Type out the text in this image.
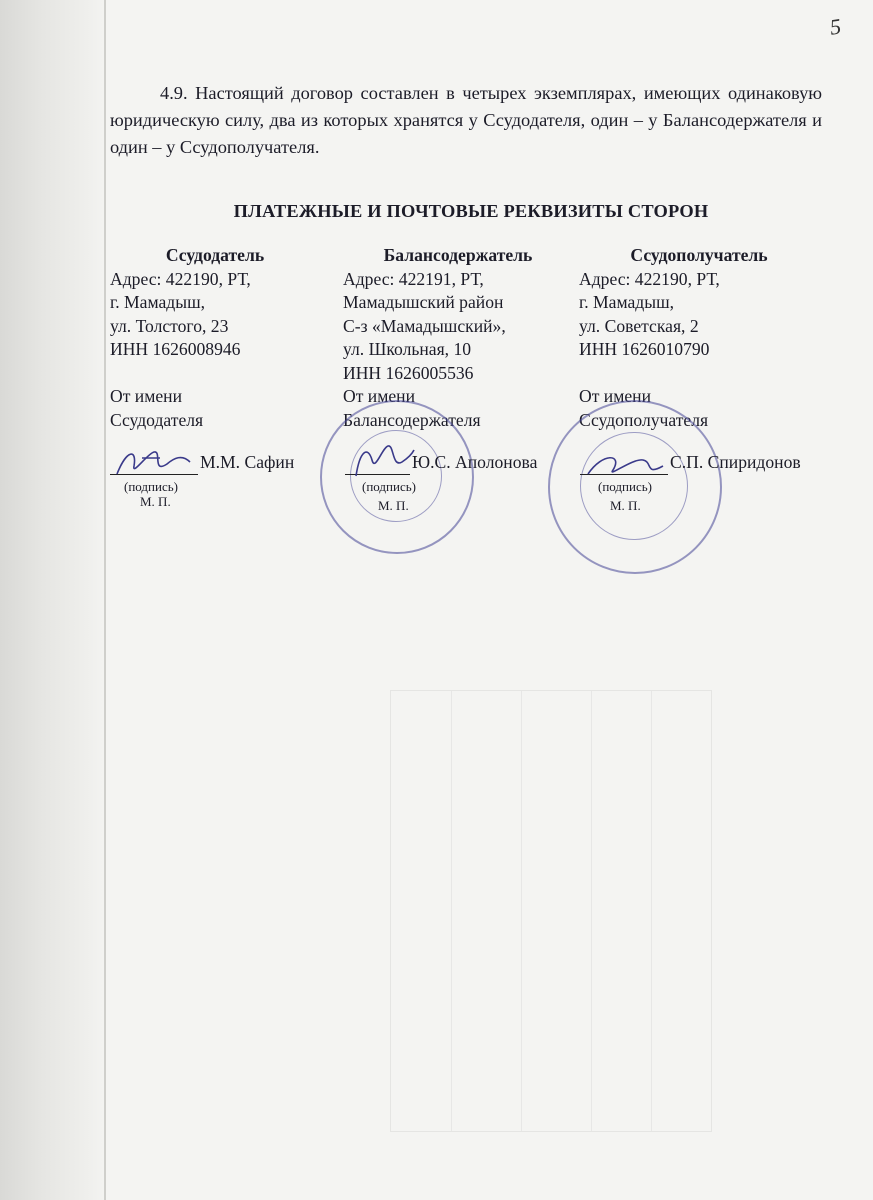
5
4.9. Настоящий договор составлен в четырех экземплярах, имеющих одинаковую юридическую силу, два из которых хранятся у Ссудодателя, один – у Балансодержателя и один – у Ссудополучателя.
ПЛАТЕЖНЫЕ И ПОЧТОВЫЕ РЕКВИЗИТЫ СТОРОН
Ссудодатель
Адрес: 422190, РТ,
г. Мамадыш,
ул. Толстого, 23
ИНН 1626008946
От имени
Ссудодателя
Балансодержатель
Адрес: 422191, РТ,
Мамадышский район
С-з «Мамадышский»,
ул. Школьная, 10
ИНН 1626005536
От имени
Балансодержателя
Ссудополучатель
Адрес: 422190, РТ,
г. Мамадыш,
ул. Советская, 2
ИНН 1626010790
От имени
Ссудополучателя
М.М. Сафин	Ю.С. Аполонова	С.П. Спиридонов
(подпись)
М. П.
(подпись)
М. П.
(подпись)
М. П.
